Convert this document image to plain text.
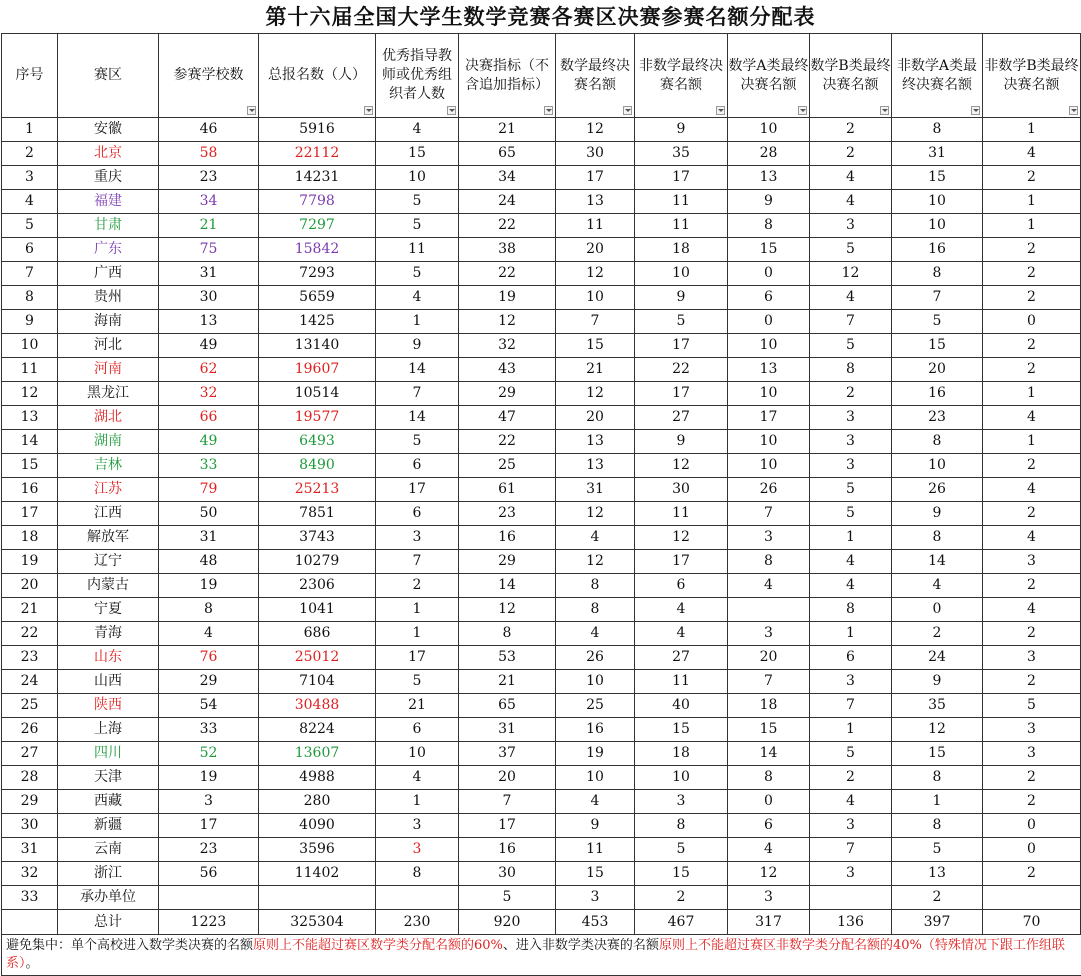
第十六届全国大学生数学竞赛各赛区决赛参赛名额分配表
序号	赛区	参赛学校数	总报名数（人）	优秀指导教师或优秀组织者人数	决赛指标（不含追加指标）	数学最终决赛名额	非数学最终决赛名额	数学A类最终决赛名额	数学B类最终决赛名额	非数学A类最终决赛名额	非数学B类最终决赛名额

1	安徽	46	5916	4	21	12	9	10	2	8	1
2	北京	58	22112	15	65	30	35	28	2	31	4
3	重庆	23	14231	10	34	17	17	13	4	15	2
4	福建	34	7798	5	24	13	11	9	4	10	1
5	甘肃	21	7297	5	22	11	11	8	3	10	1
6	广东	75	15842	11	38	20	18	15	5	16	2
7	广西	31	7293	5	22	12	10	0	12	8	2
8	贵州	30	5659	4	19	10	9	6	4	7	2
9	海南	13	1425	1	12	7	5	0	7	5	0
10	河北	49	13140	9	32	15	17	10	5	15	2
11	河南	62	19607	14	43	21	22	13	8	20	2
12	黑龙江	32	10514	7	29	12	17	10	2	16	1
13	湖北	66	19577	14	47	20	27	17	3	23	4
14	湖南	49	6493	5	22	13	9	10	3	8	1
15	吉林	33	8490	6	25	13	12	10	3	10	2
16	江苏	79	25213	17	61	31	30	26	5	26	4
17	江西	50	7851	6	23	12	11	7	5	9	2
18	解放军	31	3743	3	16	4	12	3	1	8	4
19	辽宁	48	10279	7	29	12	17	8	4	14	3
20	内蒙古	19	2306	2	14	8	6	4	4	4	2
21	宁夏	8	1041	1	12	8	4		8	0	4
22	青海	4	686	1	8	4	4	3	1	2	2
23	山东	76	25012	17	53	26	27	20	6	24	3
24	山西	29	7104	5	21	10	11	7	3	9	2
25	陕西	54	30488	21	65	25	40	18	7	35	5
26	上海	33	8224	6	31	16	15	15	1	12	3
27	四川	52	13607	10	37	19	18	14	5	15	3
28	天津	19	4988	4	20	10	10	8	2	8	2
29	西藏	3	280	1	7	4	3	0	4	1	2
30	新疆	17	4090	3	17	9	8	6	3	8	0
31	云南	23	3596	3	16	11	5	4	7	5	0
32	浙江	56	11402	8	30	15	15	12	3	13	2
33	承办单位				5	3	2	3		2	
	总计	1223	325304	230	920	453	467	317	136	397	70
避免集中：单个高校进入数学类决赛的名额原则上不能超过赛区数学类分配名额的60%、进入非数学类决赛的名额原则上不能超过赛区非数学类分配名额的40%（特殊情况下跟工作组联系）。
